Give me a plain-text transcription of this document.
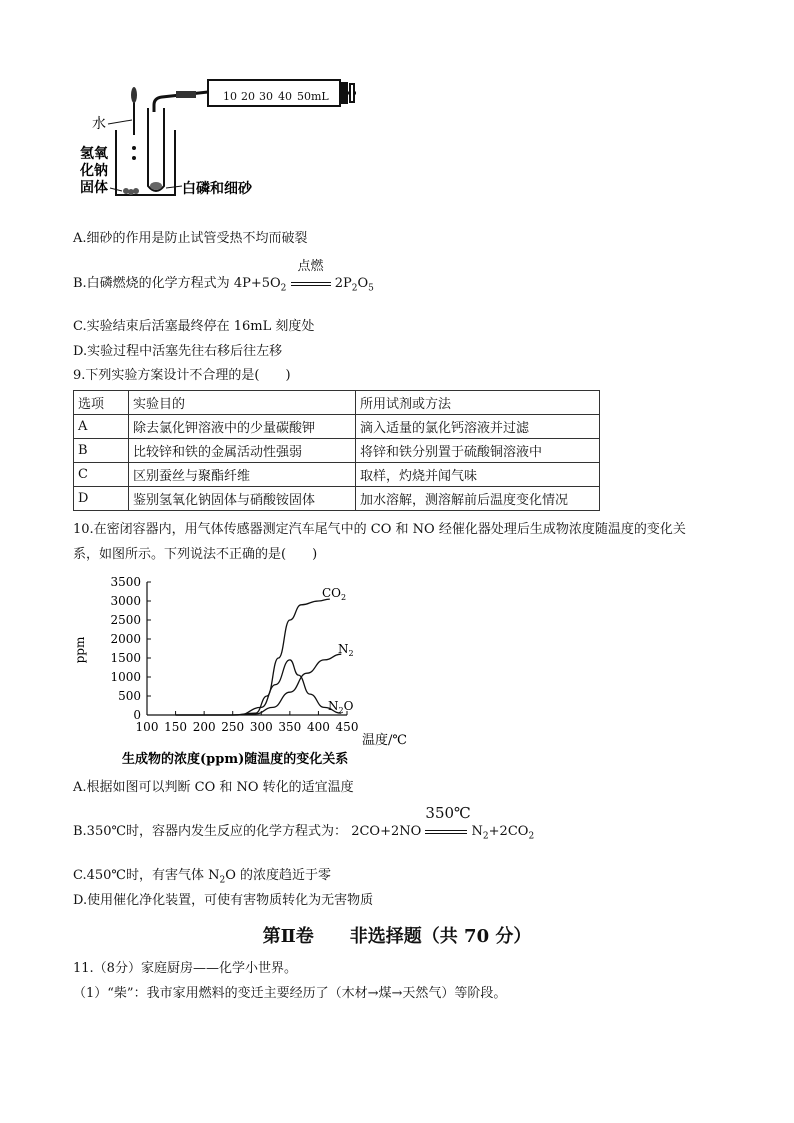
10 20 30 40 50mL
水
氢氧
化钠
固体	白磷和细砂
A.细砂的作用是防止试管受热不均而破裂
B.白磷燃烧的化学方程式为 $4P+5O_2$
点燃
$2P_2O_5$
C.实验结束后活塞最终停在 16mL 刻度处
D.实验过程中活塞先往右移后往左移
9.下列实验方案设计不合理的是(　　)
选项	实验目的	所用试剂或方法
A	除去氯化钾溶液中的少量碳酸钾	滴入适量的氯化钙溶液并过滤
B	比较锌和铁的金属活动性强弱	将锌和铁分别置于硫酸铜溶液中
C	区别蚕丝与聚酯纤维	取样，灼烧并闻气味
D	鉴别氢氧化钠固体与硝酸铵固体	加水溶解，测溶解前后温度变化情况
10.在密闭容器内，用气体传感器测定汽车尾气中的 CO 和 NO 经催化器处理后生成物浓度随温度的变化关
系，如图所示。下列说法不正确的是(　　)
0
500
1000
1500
2000
2500
3000
3500
100 150 200 250 300 350 400 450
ppm
温度/℃
生成物的浓度(ppm)随温度的变化关系
$CO_2$
$N_2$
$N_2O$
A.根据如图可以判断 CO 和 NO 转化的适宜温度
B.350℃时，容器内发生反应的化学方程式为： 2CO+2NO
350℃
$N_2+2CO_2$
C.450℃时，有害气体 $N_2O$ 的浓度趋近于零
D.使用催化净化装置，可使有害物质转化为无害物质
第Ⅱ卷　　非选择题（共 70 分）
11.（8分）家庭厨房——化学小世界。
（1）“柴”：我市家用燃料的变迁主要经历了（木材→煤→天然气）等阶段。
